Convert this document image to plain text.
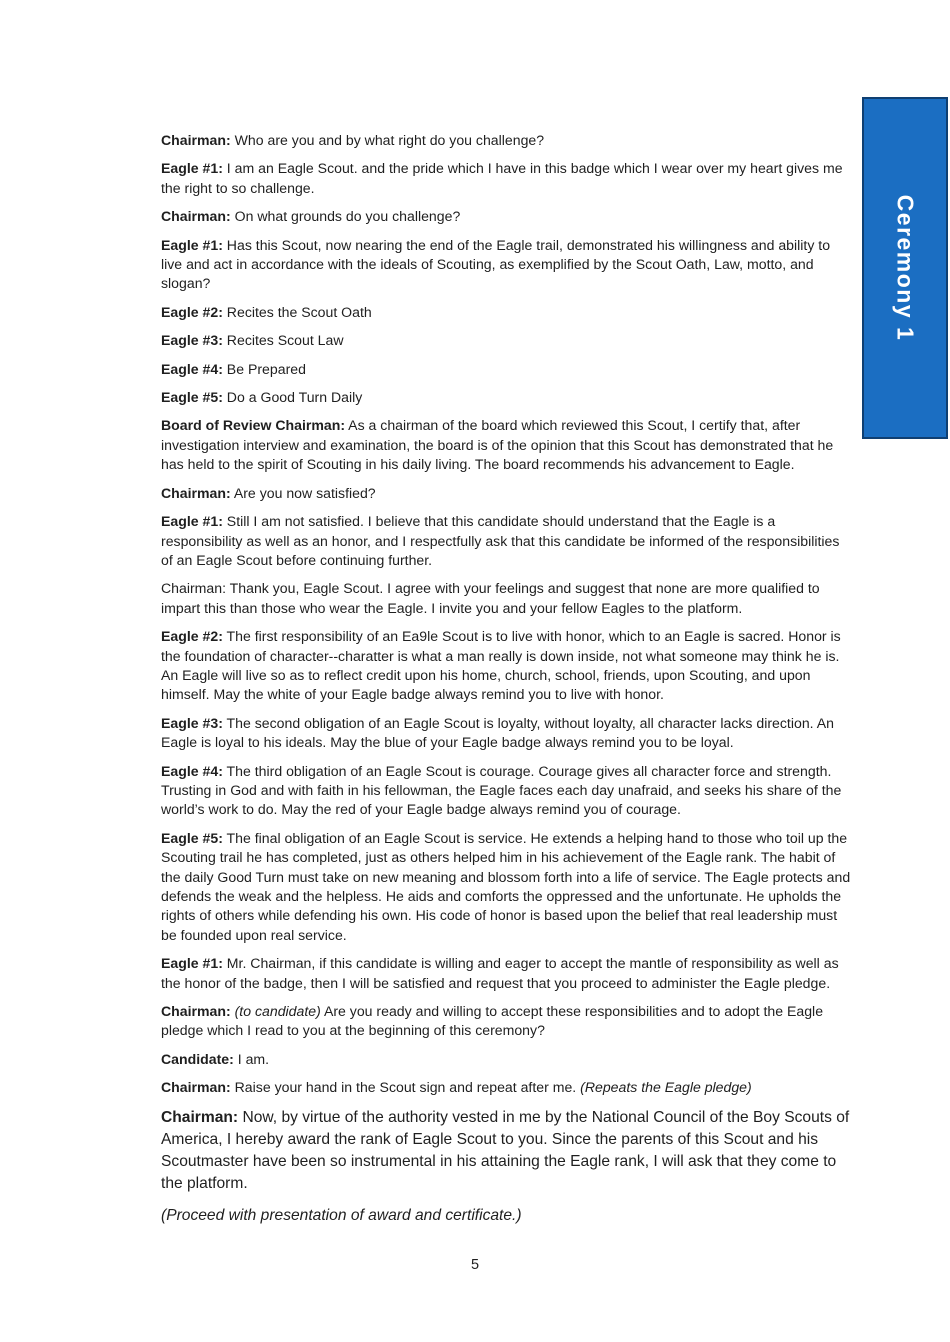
Ceremony 1

Chairman: Who are you and by what right do you challenge?

Eagle #1: I am an Eagle Scout. and the pride which I have in this badge which I wear over my heart gives me the right to so challenge.

Chairman: On what grounds do you challenge?

Eagle #1: Has this Scout, now nearing the end of the Eagle trail, demonstrated his willingness and ability to live and act in accordance with the ideals of Scouting, as exemplified by the Scout Oath, Law, motto, and slogan?

Eagle #2: Recites the Scout Oath

Eagle #3: Recites Scout Law

Eagle #4: Be Prepared

Eagle #5: Do a Good Turn Daily

Board of Review Chairman: As a chairman of the board which reviewed this Scout, I certify that, after investigation interview and examination, the board is of the opinion that this Scout has demonstrated that he has held to the spirit of Scouting in his daily living. The board recommends his advancement to Eagle.

Chairman: Are you now satisfied?

Eagle #1: Still I am not satisfied. I believe that this candidate should understand that the Eagle is a responsibility as well as an honor, and I respectfully ask that this candidate be informed of the responsibilities of an Eagle Scout before continuing further.

Chairman: Thank you, Eagle Scout. I agree with your feelings and suggest that none are more qualified to impart this than those who wear the Eagle. I invite you and your fellow Eagles to the platform.

Eagle #2: The first responsibility of an Ea9le Scout is to live with honor, which to an Eagle is sacred. Honor is the foundation of character--charatter is what a man really is down inside, not what someone may think he is. An Eagle will live so as to reflect credit upon his home, church, school, friends, upon Scouting, and upon himself. May the white of your Eagle badge always remind you to live with honor.

Eagle #3: The second obligation of an Eagle Scout is loyalty, without loyalty, all character lacks direction. An Eagle is loyal to his ideals. May the blue of your Eagle badge always remind you to be loyal.

Eagle #4: The third obligation of an Eagle Scout is courage. Courage gives all character force and strength. Trusting in God and with faith in his fellowman, the Eagle faces each day unafraid, and seeks his share of the world’s work to do. May the red of your Eagle badge always remind you of courage.

Eagle #5: The final obligation of an Eagle Scout is service. He extends a helping hand to those who toil up the Scouting trail he has completed, just as others helped him in his achievement of the Eagle rank. The habit of the daily Good Turn must take on new meaning and blossom forth into a life of service. The Eagle protects and defends the weak and the helpless. He aids and comforts the oppressed and the unfortunate. He upholds the rights of others while defending his own. His code of honor is based upon the belief that real leadership must be founded upon real service.

Eagle #1: Mr. Chairman, if this candidate is willing and eager to accept the mantle of responsibility as well as the honor of the badge, then I will be satisfied and request that you proceed to administer the Eagle pledge.

Chairman: (to candidate) Are you ready and willing to accept these responsibilities and to adopt the Eagle pledge which I read to you at the beginning of this ceremony?

Candidate: I am.

Chairman: Raise your hand in the Scout sign and repeat after me. (Repeats the Eagle pledge)

Chairman: Now, by virtue of the authority vested in me by the National Council of the Boy Scouts of America, I hereby award the rank of Eagle Scout to you. Since the parents of this Scout and his Scoutmaster have been so instrumental in his attaining the Eagle rank, I will ask that they come to the platform.

(Proceed with presentation of award and certificate.)

5
